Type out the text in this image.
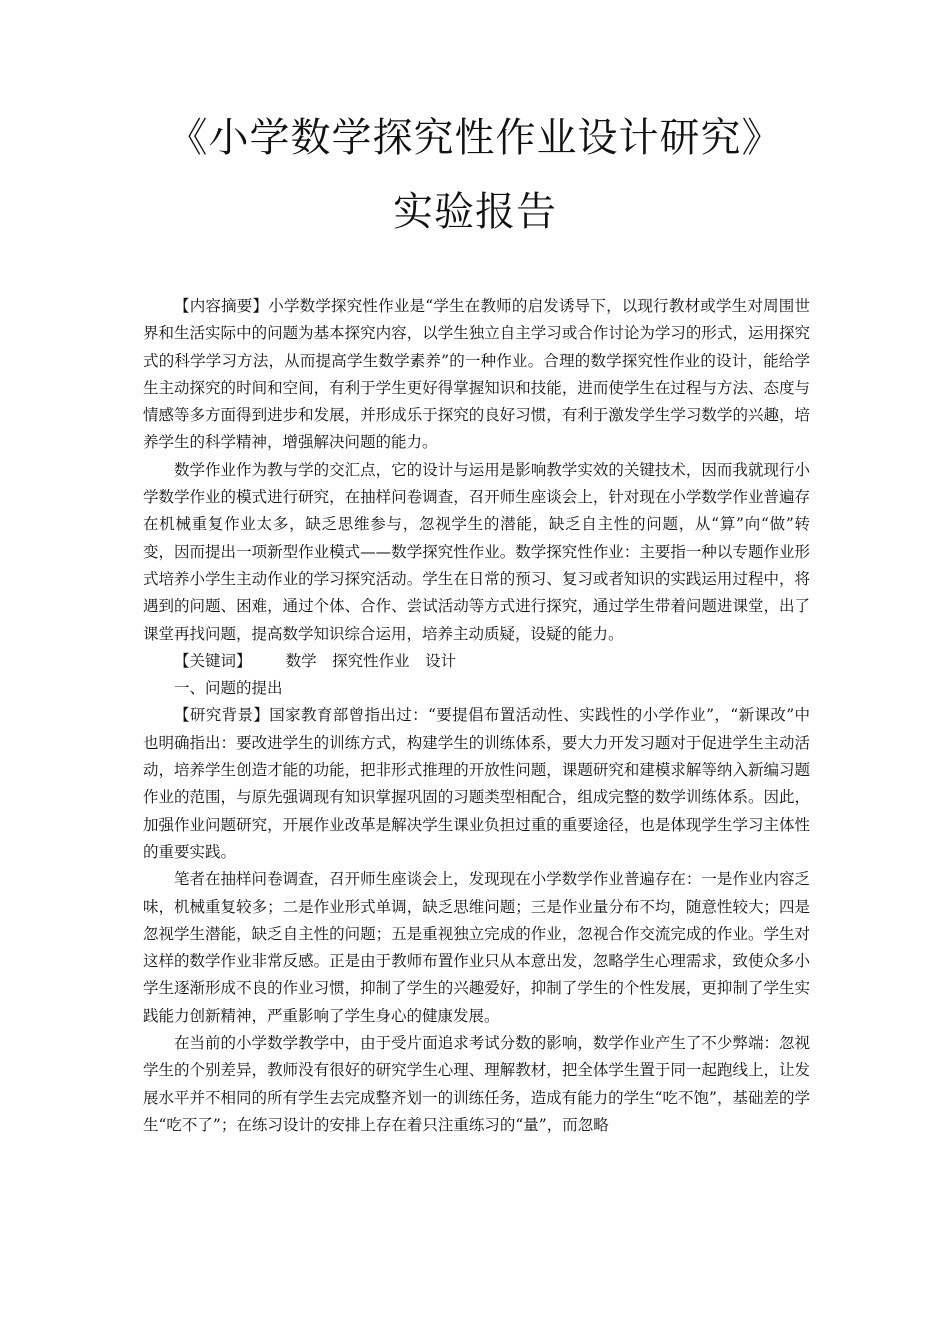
《小学数学探究性作业设计研究》
实验报告

【内容摘要】小学数学探究性作业是“学生在教师的启发诱导下，以现行教材或学生对周围世界和生活实际中的问题为基本探究内容，以学生独立自主学习或合作讨论为学习的形式，运用探究式的科学学习方法，从而提高学生数学素养”的一种作业。合理的数学探究性作业的设计，能给学生主动探究的时间和空间，有利于学生更好得掌握知识和技能，进而使学生在过程与方法、态度与情感等多方面得到进步和发展，并形成乐于探究的良好习惯，有利于激发学生学习数学的兴趣，培养学生的科学精神，增强解决问题的能力。

数学作业作为教与学的交汇点，它的设计与运用是影响教学实效的关键技术，因而我就现行小学数学作业的模式进行研究，在抽样问卷调查，召开师生座谈会上，针对现在小学数学作业普遍存在机械重复作业太多，缺乏思维参与，忽视学生的潜能，缺乏自主性的问题，从“算”向“做”转变，因而提出一项新型作业模式——数学探究性作业。数学探究性作业：主要指一种以专题作业形式培养小学生主动作业的学习探究活动。学生在日常的预习、复习或者知识的实践运用过程中，将遇到的问题、困难，通过个体、合作、尝试活动等方式进行探究，通过学生带着问题进课堂，出了课堂再找问题，提高数学知识综合运用，培养主动质疑，设疑的能力。

【关键词】 数学 探究性作业 设计

一、问题的提出

【研究背景】国家教育部曾指出过：“要提倡布置活动性、实践性的小学作业”，“新课改”中也明确指出：要改进学生的训练方式，构建学生的训练体系，要大力开发习题对于促进学生主动活动，培养学生创造才能的功能，把非形式推理的开放性问题，课题研究和建模求解等纳入新编习题作业的范围，与原先强调现有知识掌握巩固的习题类型相配合，组成完整的数学训练体系。因此，加强作业问题研究，开展作业改革是解决学生课业负担过重的重要途径，也是体现学生学习主体性的重要实践。

笔者在抽样问卷调查，召开师生座谈会上，发现现在小学数学作业普遍存在：一是作业内容乏味，机械重复较多；二是作业形式单调，缺乏思维问题；三是作业量分布不均，随意性较大；四是忽视学生潜能，缺乏自主性的问题；五是重视独立完成的作业，忽视合作交流完成的作业。学生对这样的数学作业非常反感。正是由于教师布置作业只从本意出发，忽略学生心理需求，致使众多小学生逐渐形成不良的作业习惯，抑制了学生的兴趣爱好，抑制了学生的个性发展，更抑制了学生实践能力创新精神，严重影响了学生身心的健康发展。

在当前的小学数学教学中，由于受片面追求考试分数的影响，数学作业产生了不少弊端：忽视学生的个别差异，教师没有很好的研究学生心理、理解教材，把全体学生置于同一起跑线上，让发展水平并不相同的所有学生去完成整齐划一的训练任务，造成有能力的学生“吃不饱”，基础差的学生“吃不了”；在练习设计的安排上存在着只注重练习的“量”，而忽略
